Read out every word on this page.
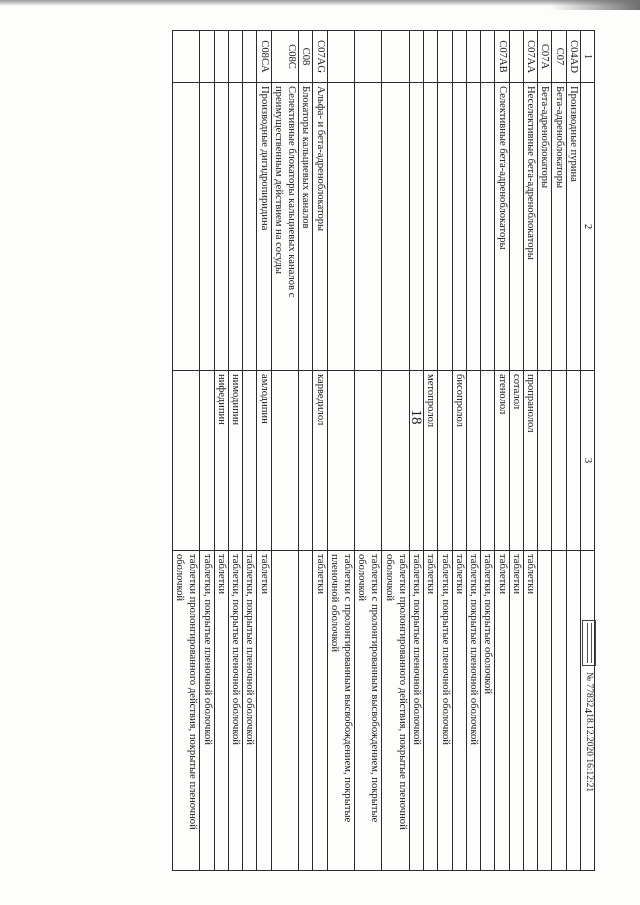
18
1	2	3	4
C04AD	Производные пурина		
C07	Бета-адреноблокаторы		
C07A	Бета-адреноблокаторы		
C07AA	Неселективные бета-адреноблокаторы	пропранолол	таблетки
		соталол	таблетки
C07AB	Селективные бета-адреноблокаторы	атенолол	таблетки
			таблетки, покрытые оболочкой
			таблетки, покрытые пленочной оболочкой
		бисопролол	таблетки
			таблетки, покрытые пленочной оболочкой
		метопролол	таблетки
			таблетки, покрытые пленочной оболочкой
			таблетки пролонгированного действия, покрытые пленочной оболочкой
			таблетки с пролонгированным высвобождением, покрытые оболочкой
			таблетки с пролонгированным высвобождением, покрытые пленочной оболочкой
C07AG	Альфа- и бета-адреноблокаторы	карведилол	таблетки
C08	Блокаторы кальциевых каналов		
C08C	Селективные блокаторы кальциевых каналов с преимущественным действием на сосуды		
C08CA	Производные дигидропиридина	амлодипин	таблетки
			таблетки, покрытые пленочной оболочкой
		нимодипин	таблетки, покрытые пленочной оболочкой
		нифедипин	таблетки
			таблетки, покрытые пленочной оболочкой
			таблетки пролонгированного действия, покрытые пленочной оболочкой
№ 77832
18.12.2020 16:12:21
